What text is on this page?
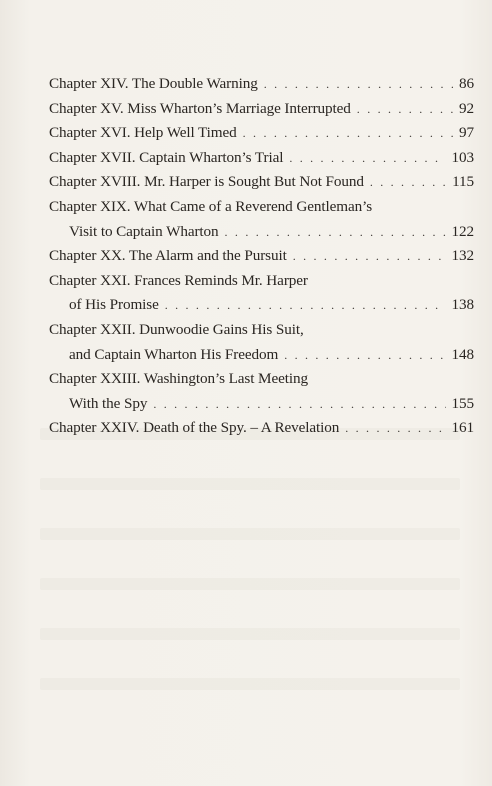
Chapter XIV. The Double Warning . . .	86
Chapter XV. Miss Wharton’s Marriage Interrupted . . .	92
Chapter XVI. Help Well Timed . . .	97
Chapter XVII. Captain Wharton’s Trial . . .	103
Chapter XVIII. Mr. Harper is Sought But Not Found . . .	115
Chapter XIX. What Came of a Reverend Gentleman’s
Visit to Captain Wharton . . .	122
Chapter XX. The Alarm and the Pursuit . . .	132
Chapter XXI. Frances Reminds Mr. Harper
of His Promise . . .	138
Chapter XXII. Dunwoodie Gains His Suit,
and Captain Wharton His Freedom . . .	148
Chapter XXIII. Washington’s Last Meeting
With the Spy . . .	155
Chapter XXIV. Death of the Spy. – A Revelation . . .	161
